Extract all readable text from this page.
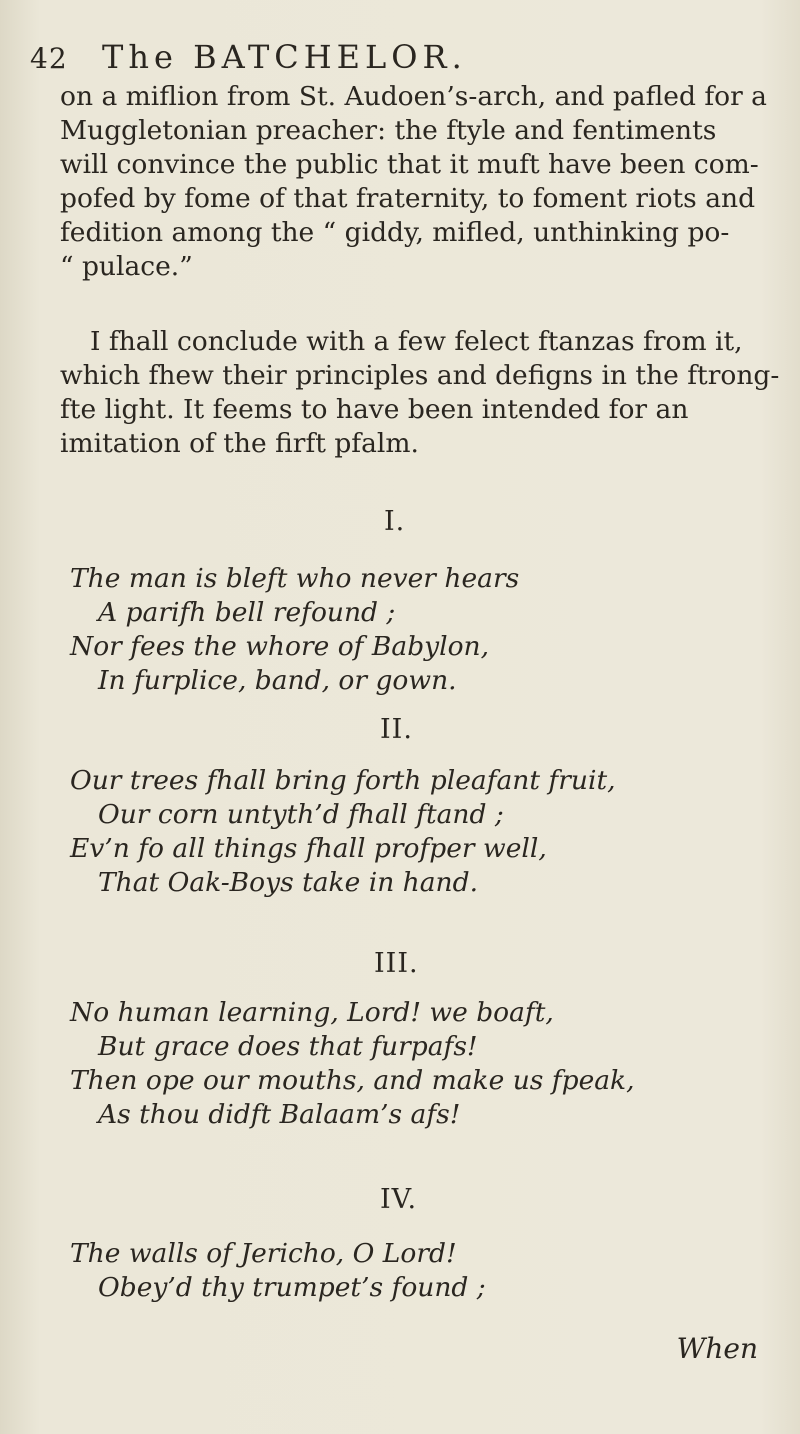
42 The BATCHELOR.

on a miflion from St. Audoen’s-arch, and pafled for a
Muggletonian preacher: the ftyle and fentiments
will convince the public that it muft have been com-
pofed by fome of that fraternity, to foment riots and
fedition among the “ giddy, mifled, unthinking po-
“ pulace.”

I fhall conclude with a few felect ftanzas from it,
which fhew their principles and defigns in the ftrong-
fte light. It feems to have been intended for an
imitation of the firft pfalm.

I.
The man is bleft who never hears
A parifh bell refound ;
Nor fees the whore of Babylon,
In furplice, band, or gown.
II.
Our trees fhall bring forth pleafant fruit,
Our corn untyth’d fhall ftand ;
Ev’n fo all things fhall profper well,
That Oak-Boys take in hand.
III.
No human learning, Lord! we boaft,
But grace does that furpafs!
Then ope our mouths, and make us fpeak,
As thou didft Balaam’s afs!
IV.
The walls of Jericho, O Lord!
Obey’d thy trumpet’s found ;
When
